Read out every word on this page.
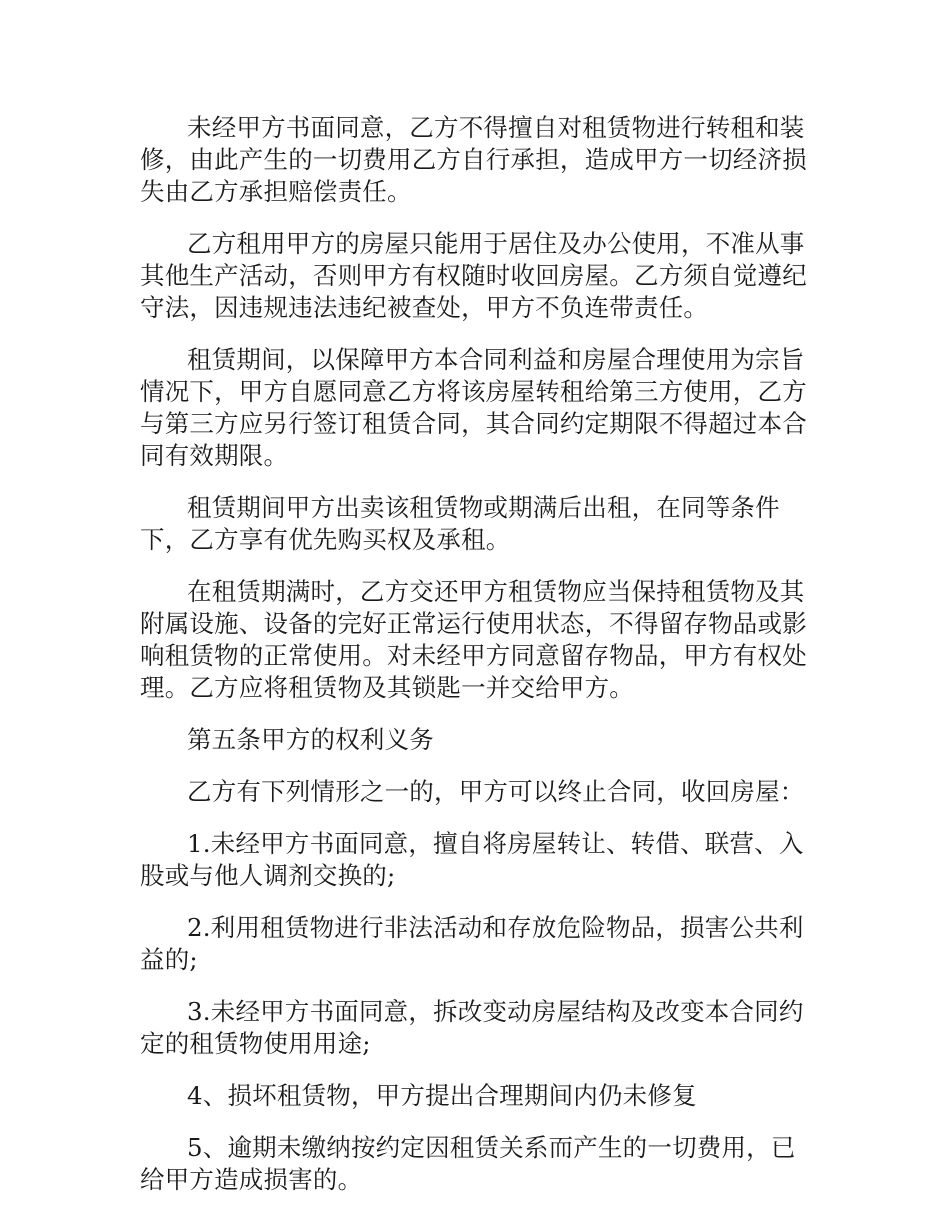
未经甲方书面同意，乙方不得擅自对租赁物进行转租和装修，由此产生的一切费用乙方自行承担，造成甲方一切经济损失由乙方承担赔偿责任。

乙方租用甲方的房屋只能用于居住及办公使用，不准从事其他生产活动，否则甲方有权随时收回房屋。乙方须自觉遵纪守法，因违规违法违纪被查处，甲方不负连带责任。

租赁期间，以保障甲方本合同利益和房屋合理使用为宗旨情况下，甲方自愿同意乙方将该房屋转租给第三方使用，乙方与第三方应另行签订租赁合同，其合同约定期限不得超过本合同有效期限。

租赁期间甲方出卖该租赁物或期满后出租，在同等条件下，乙方享有优先购买权及承租。

在租赁期满时，乙方交还甲方租赁物应当保持租赁物及其附属设施、设备的完好正常运行使用状态，不得留存物品或影响租赁物的正常使用。对未经甲方同意留存物品，甲方有权处理。乙方应将租赁物及其锁匙一并交给甲方。

第五条甲方的权利义务

乙方有下列情形之一的，甲方可以终止合同，收回房屋：

1.未经甲方书面同意，擅自将房屋转让、转借、联营、入股或与他人调剂交换的;

2.利用租赁物进行非法活动和存放危险物品，损害公共利益的;

3.未经甲方书面同意，拆改变动房屋结构及改变本合同约定的租赁物使用用途;

4、损坏租赁物，甲方提出合理期间内仍未修复

5、逾期未缴纳按约定因租赁关系而产生的一切费用，已给甲方造成损害的。
